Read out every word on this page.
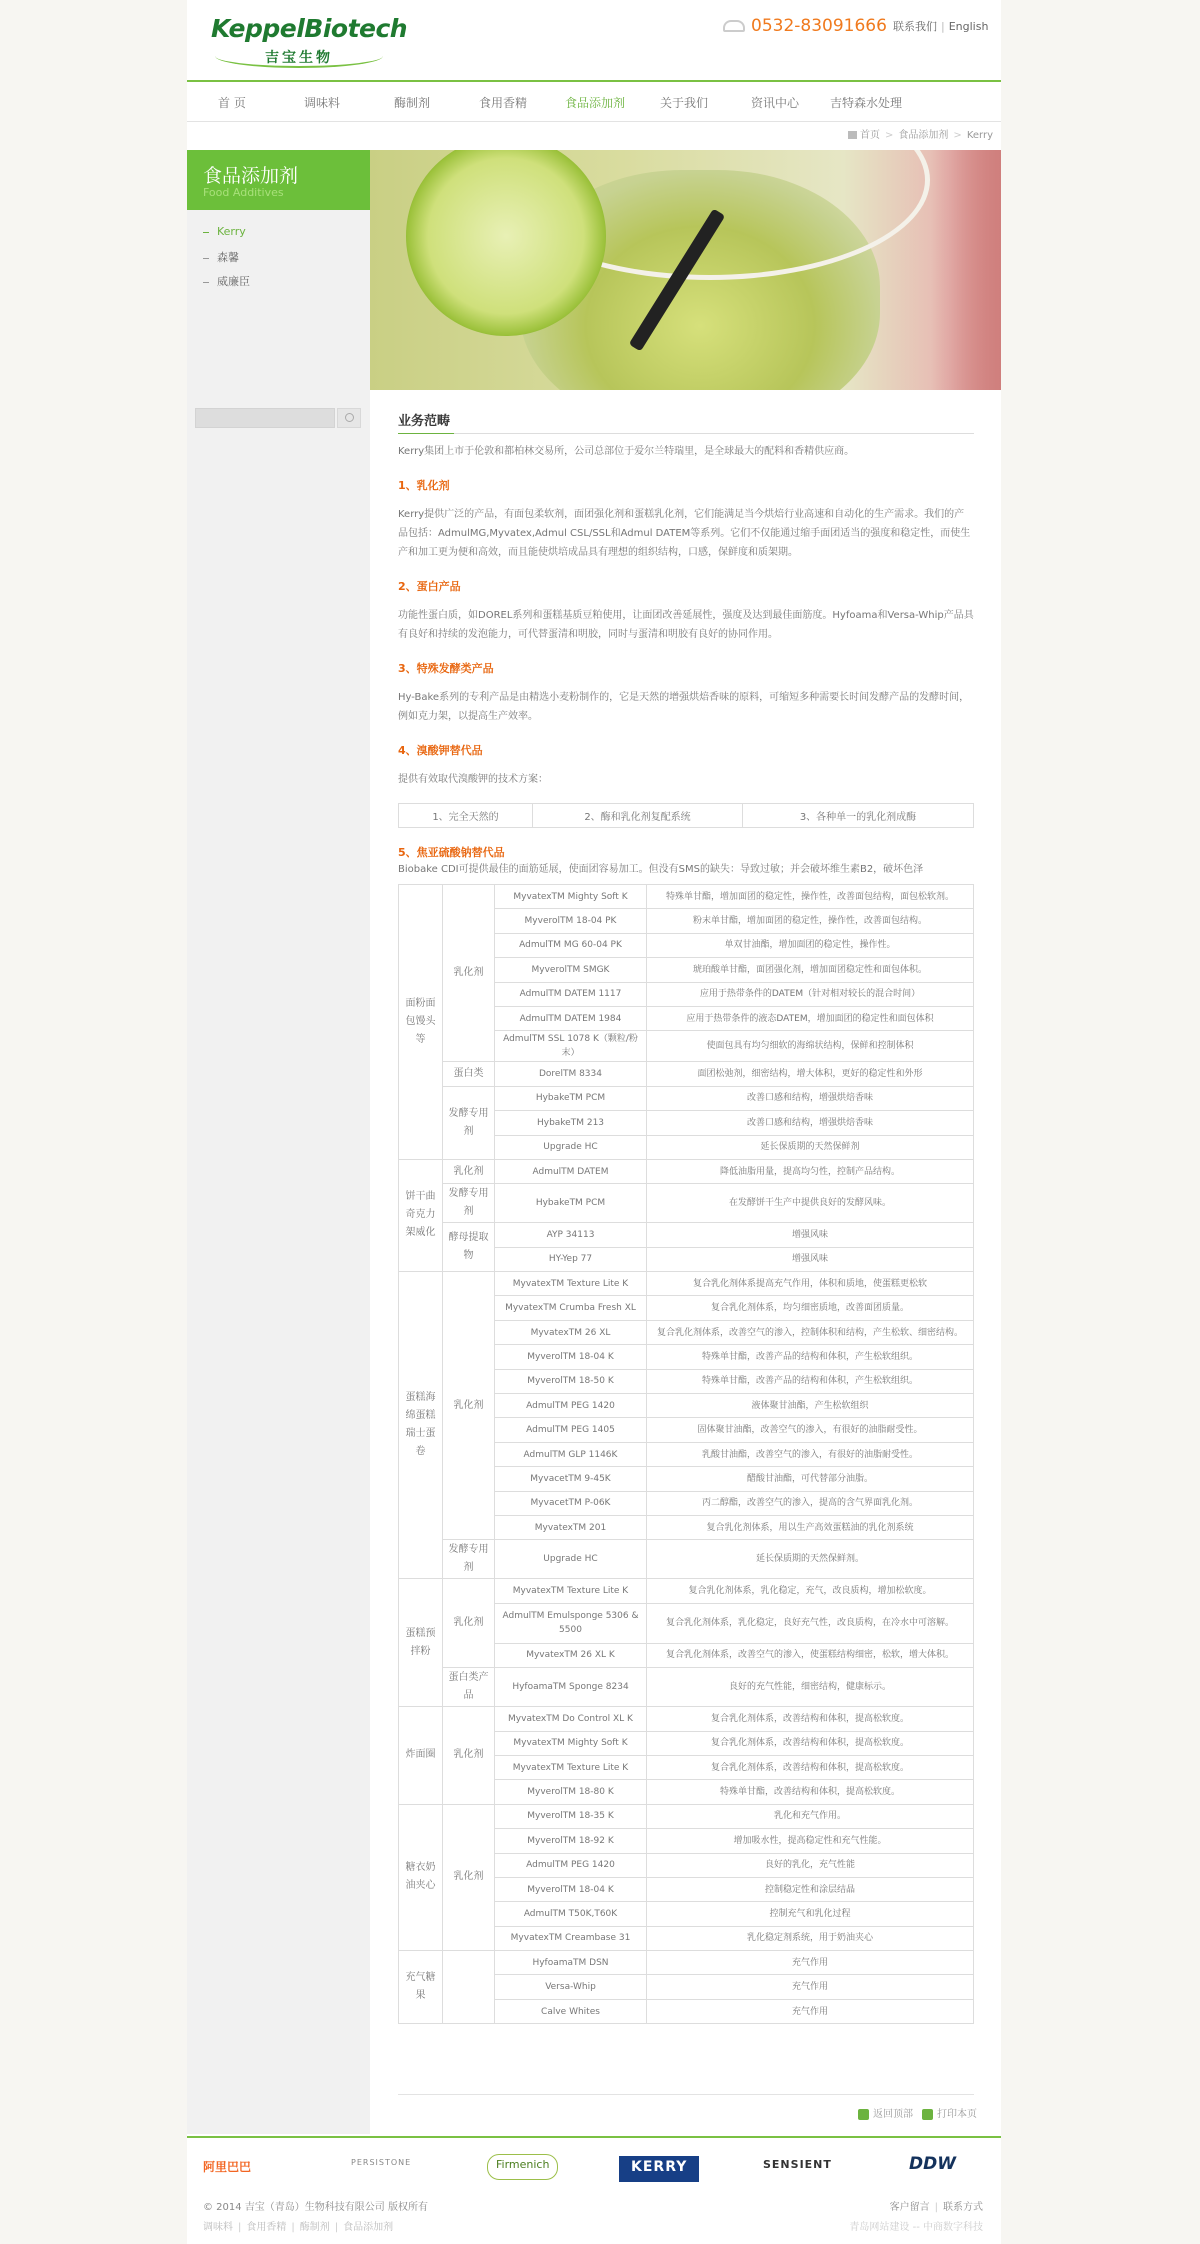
KeppelBiotech
吉宝生物
0532-83091666 联系我们 | English
首 页	调味料	酶制剂	食用香精	食品添加剂	关于我们	资讯中心	吉特森水处理
首页 > 食品添加剂 > Kerry
食品添加剂
Food Additives
Kerry
森馨
威廉臣
业务范畴
Kerry集团上市于伦敦和都柏林交易所，公司总部位于爱尔兰特瑞里，是全球最大的配料和香精供应商。
1、乳化剂
Kerry提供广泛的产品，有面包柔软剂，面团强化剂和蛋糕乳化剂，它们能满足当今烘焙行业高速和自动化的生产需求。我们的产品包括：AdmulMG,Myvatex,Admul CSL/SSL和Admul DATEM等系列。它们不仅能通过缩手面团适当的强度和稳定性，而使生产和加工更为便和高效，而且能使烘培成品具有理想的组织结构，口感，保鲜度和质架期。
2、蛋白产品
功能性蛋白质，如DOREL系列和蛋糕基质豆粕使用，让面团改善延展性，强度及达到最佳面筋度。Hyfoama和Versa-Whip产品具有良好和持续的发泡能力，可代替蛋清和明胶，同时与蛋清和明胶有良好的协同作用。
3、特殊发酵类产品
Hy-Bake系列的专利产品是由精选小麦粉制作的，它是天然的增强烘焙香味的原料，可缩短多种需要长时间发酵产品的发酵时间，例如克力架，以提高生产效率。
4、溴酸钾替代品
提供有效取代溴酸钾的技术方案：
1、完全天然的	2、酶和乳化剂复配系统	3、各种单一的乳化剂成酶
5、焦亚硫酸钠替代品
Biobake CDI可提供最佳的面筋延展，使面团容易加工。但没有SMS的缺失：导致过敏；并会破坏维生素B2，破坏色泽
面粉面包馒头等	乳化剂	MyvatexTM Mighty Soft K	特殊单甘酯，增加面团的稳定性，操作性，改善面包结构，面包松软剂。
		MyverolTM 18-04 PK	粉末单甘酯，增加面团的稳定性，操作性，改善面包结构。
		AdmulTM MG 60-04 PK	单双甘油酯，增加面团的稳定性，操作性。
		MyverolTM SMGK	琥珀酸单甘酯，面团强化剂，增加面团稳定性和面包体积。
		AdmulTM DATEM 1117	应用于热带条件的DATEM（针对相对较长的混合时间）
		AdmulTM DATEM 1984	应用于热带条件的液态DATEM，增加面团的稳定性和面包体积
		AdmulTM SSL 1078 K（颗粒/粉末）	使面包具有均匀细软的海绵状结构，保鲜和控制体积
	蛋白类	DorelTM 8334	面团松弛剂，细密结构，增大体积，更好的稳定性和外形
	发酵专用剂	HybakeTM PCM	改善口感和结构，增强烘焙香味
		HybakeTM 213	改善口感和结构，增强烘焙香味
		Upgrade HC	延长保质期的天然保鲜剂
饼干曲奇克力架威化	乳化剂	AdmulTM DATEM	降低油脂用量，提高均匀性，控制产品结构。
	发酵专用剂	HybakeTM PCM	在发酵饼干生产中提供良好的发酵风味。
	酵母提取物	AYP 34113	增强风味
		HY-Yep 77	增强风味
蛋糕海绵蛋糕瑞士蛋卷	乳化剂	MyvatexTM Texture Lite K	复合乳化剂体系提高充气作用，体积和质地，使蛋糕更松软
		MyvatexTM Crumba Fresh XL	复合乳化剂体系，均匀细密质地，改善面团质量。
		MyvatexTM 26 XL	复合乳化剂体系，改善空气的渗入，控制体积和结构，产生松软、细密结构。
		MyverolTM 18-04 K	特殊单甘酯，改善产品的结构和体积，产生松软组织。
		MyverolTM 18-50 K	特殊单甘酯，改善产品的结构和体积，产生松软组织。
		AdmulTM PEG 1420	液体聚甘油酯，产生松软组织
		AdmulTM PEG 1405	固体聚甘油酯，改善空气的渗入，有很好的油脂耐受性。
		AdmulTM GLP 1146K	乳酸甘油酯，改善空气的渗入，有很好的油脂耐受性。
		MyvacetTM 9-45K	醋酸甘油酯，可代替部分油脂。
		MyvacetTM P-06K	丙二醇酯，改善空气的渗入，提高的含气界面乳化剂。
		MyvatexTM 201	复合乳化剂体系，用以生产高效蛋糕油的乳化剂系统
	发酵专用剂	Upgrade HC	延长保质期的天然保鲜剂。
蛋糕预拌粉	乳化剂	MyvatexTM Texture Lite K	复合乳化剂体系，乳化稳定，充气，改良质构，增加松软度。
		AdmulTM Emulsponge 5306 & 5500	复合乳化剂体系，乳化稳定，良好充气性，改良质构，在冷水中可溶解。
		MyvatexTM 26 XL K	复合乳化剂体系，改善空气的渗入，使蛋糕结构细密，松软，增大体积。
	蛋白类产品	HyfoamaTM Sponge 8234	良好的充气性能，细密结构，健康标示。
炸面圈	乳化剂	MyvatexTM Do Control XL K	复合乳化剂体系，改善结构和体积，提高松软度。
		MyvatexTM Mighty Soft K	复合乳化剂体系，改善结构和体积，提高松软度。
		MyvatexTM Texture Lite K	复合乳化剂体系，改善结构和体积，提高松软度。
		MyverolTM 18-80 K	特殊单甘酯，改善结构和体积，提高松软度。
糖衣奶油夹心	乳化剂	MyverolTM 18-35 K	乳化和充气作用。
		MyverolTM 18-92 K	增加吸水性，提高稳定性和充气性能。
		AdmulTM PEG 1420	良好的乳化，充气性能
		MyverolTM 18-04 K	控制稳定性和涂层结晶
		AdmulTM T50K,T60K	控制充气和乳化过程
		MyvatexTM Creambase 31	乳化稳定剂系统，用于奶油夹心
充气糖果		HyfoamaTM DSN	充气作用
		Versa-Whip	充气作用
		Calve Whites	充气作用
返回顶部	打印本页
阿里巴巴	PERSISTONE	Firmenich	KERRY	SENSIENT	DDW
© 2014 吉宝（青岛）生物科技有限公司 版权所有	客户留言 | 联系方式
调味料 | 食用香精 | 酶制剂 | 食品添加剂	青岛网站建设 -- 中商数字科技
